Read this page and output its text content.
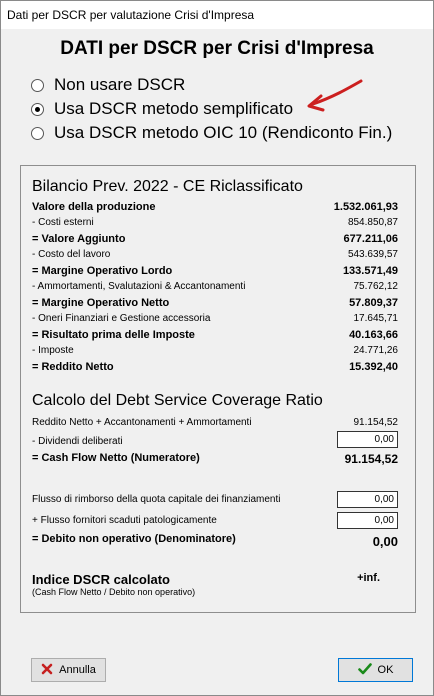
Dati per DSCR per valutazione Crisi d'Impresa
DATI per DSCR per Crisi d'Impresa
Non usare DSCR
Usa DSCR metodo semplificato
Usa DSCR metodo OIC 10 (Rendiconto Fin.)
Bilancio Prev. 2022 - CE Riclassificato
Valore della produzione	1.532.061,93
- Costi esterni	854.850,87
= Valore Aggiunto	677.211,06
- Costo del lavoro	543.639,57
= Margine Operativo Lordo	133.571,49
- Ammortamenti, Svalutazioni & Accantonamenti	75.762,12
= Margine Operativo Netto	57.809,37
- Oneri Finanziari e Gestione accessoria	17.645,71
= Risultato prima delle Imposte	40.163,66
- Imposte	24.771,26
= Reddito Netto	15.392,40
Calcolo del Debt Service Coverage Ratio
Reddito Netto + Accantonamenti + Ammortamenti	91.154,52
- Dividendi deliberati	0,00
= Cash Flow Netto (Numeratore)	91.154,52
Flusso di rimborso della quota capitale dei finanziamenti	0,00
+ Flusso fornitori scaduti patologicamente	0,00
= Debito non operativo (Denominatore)	0,00
Indice DSCR calcolato	+inf.
(Cash Flow Netto / Debito non operativo)
Annulla	OK
